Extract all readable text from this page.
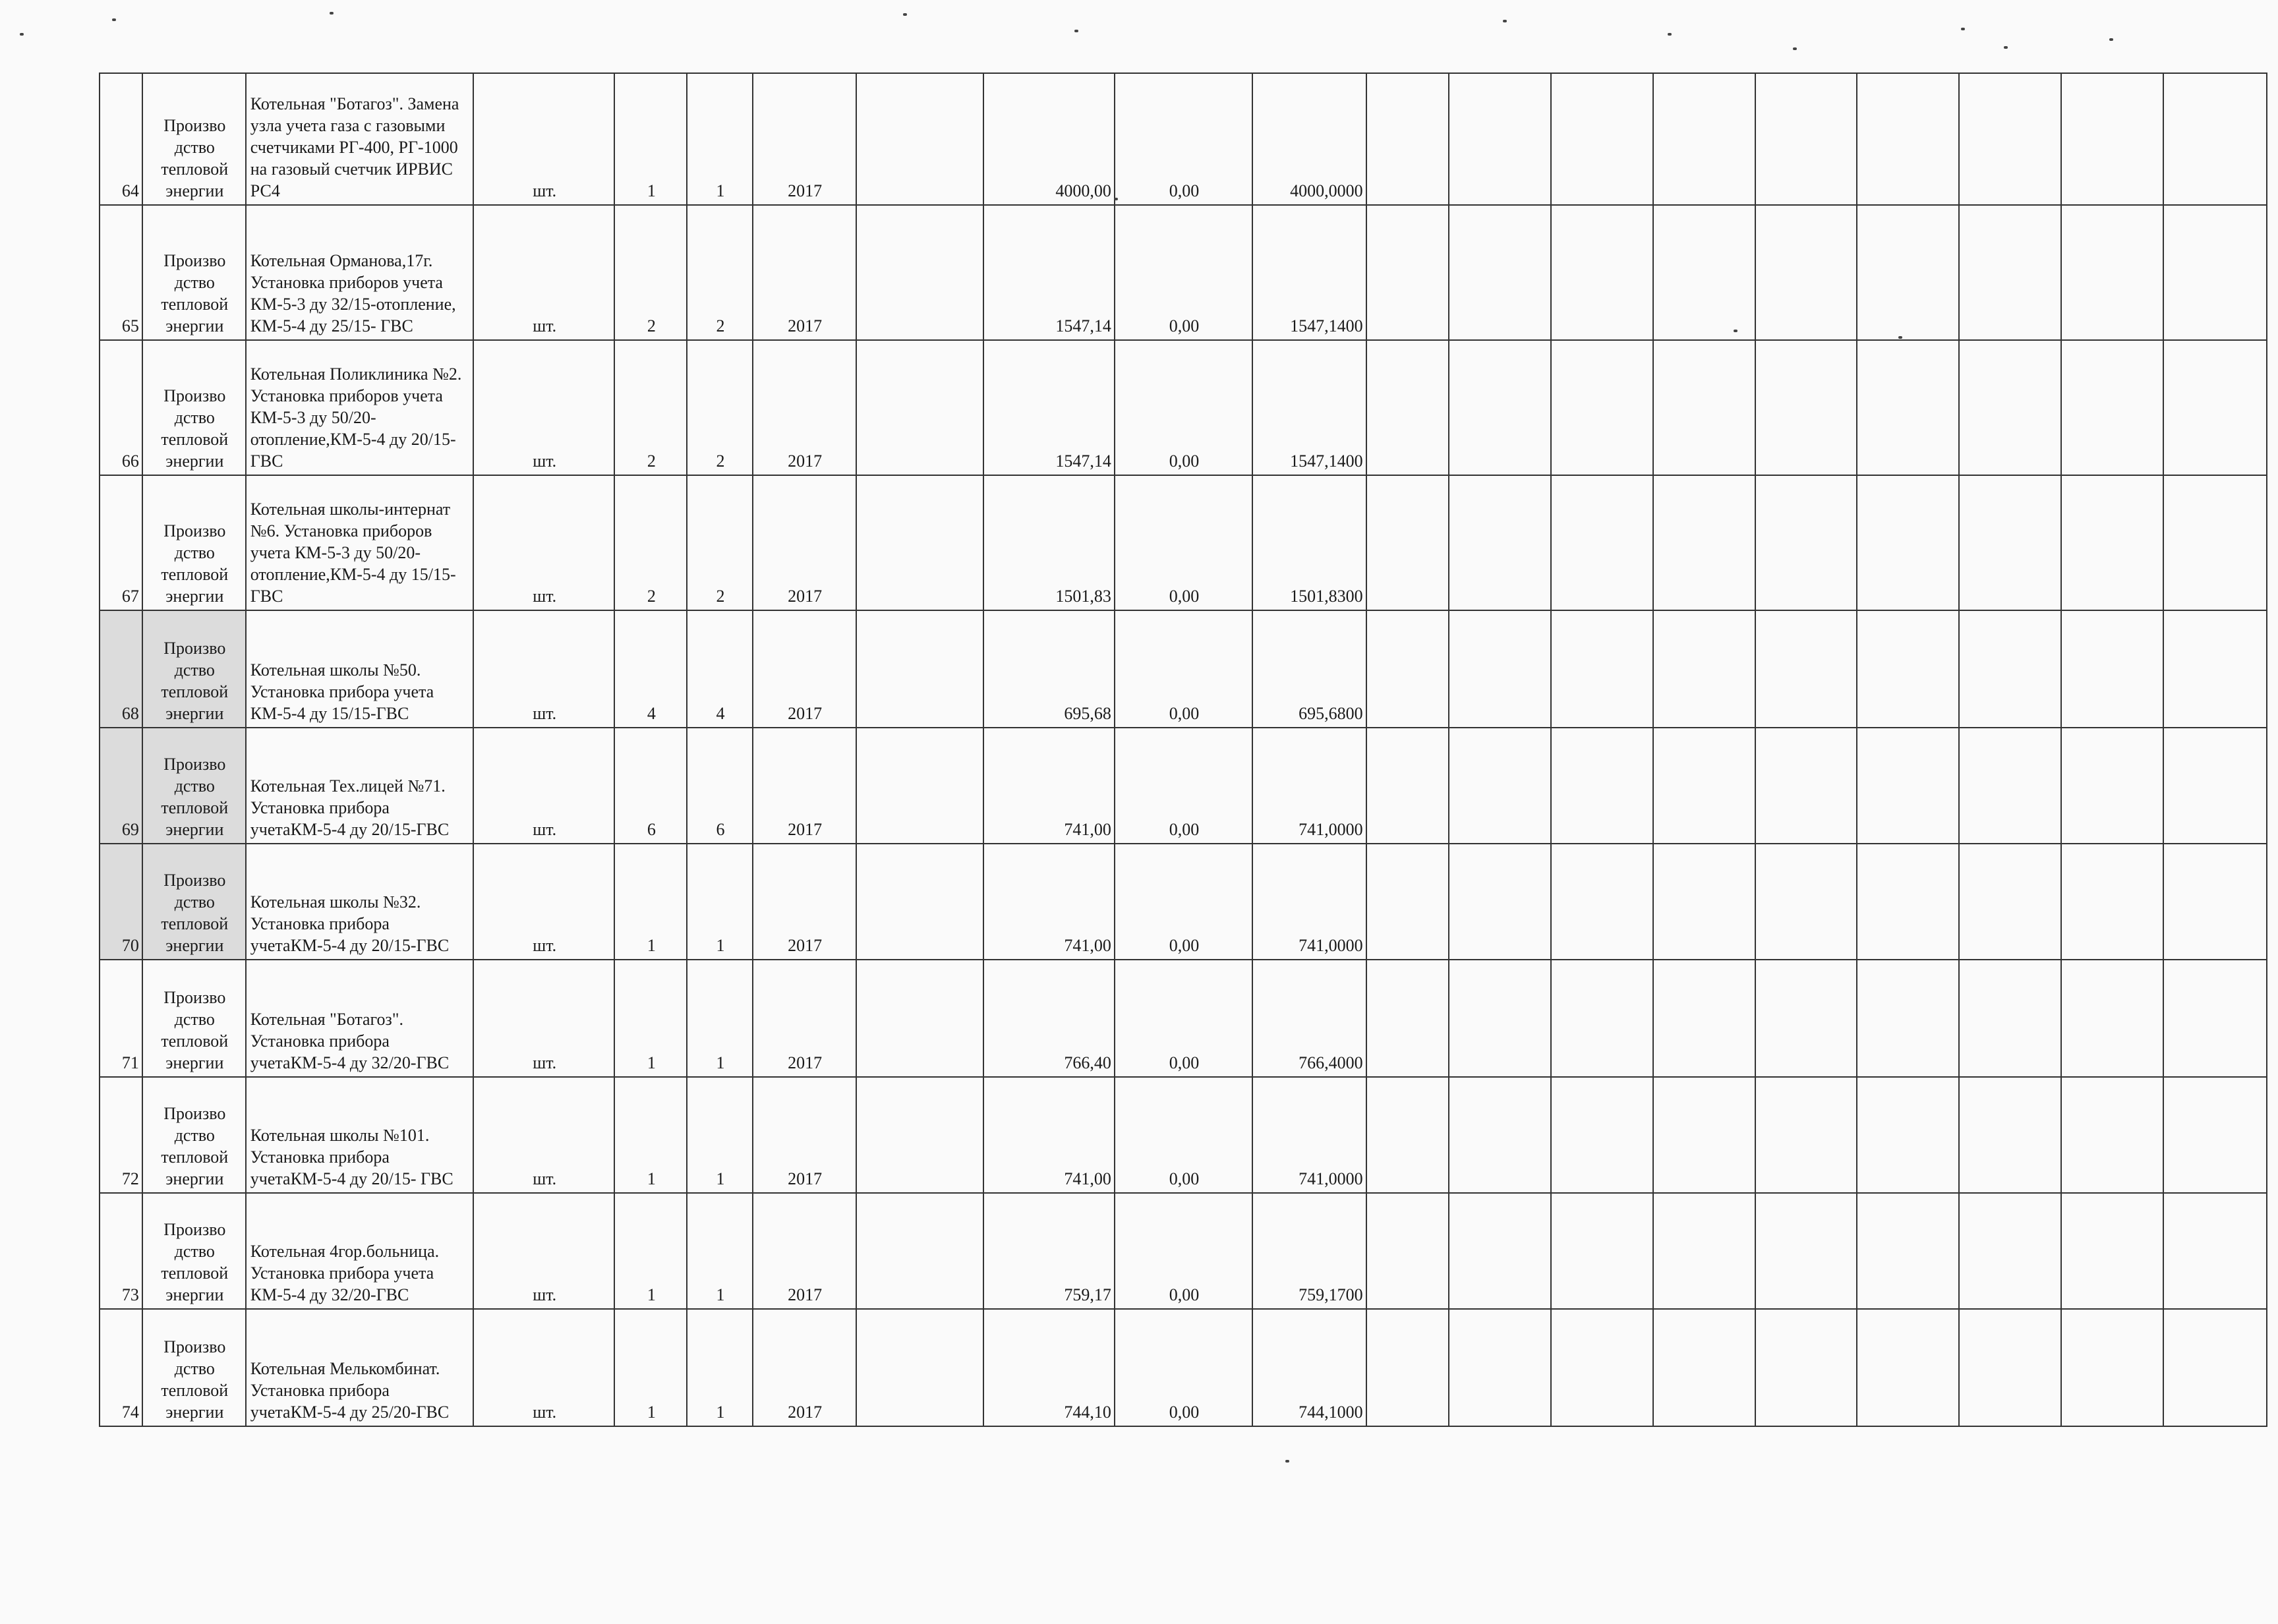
64	Произво дство тепловой энергии	Котельная "Ботагоз". Замена узла учета газа с газовыми счетчиками РГ-400, РГ-1000 на газовый счетчик ИРВИС РС4	шт.	1	1	2017		4000,00	0,00	4000,0000									
65	Произво дство тепловой энергии	Котельная Орманова,17г. Установка приборов учета КМ-5-3 ду 32/15-отопление, КМ-5-4 ду 25/15- ГВС	шт.	2	2	2017		1547,14	0,00	1547,1400									
66	Произво дство тепловой энергии	Котельная Поликлиника №2. Установка приборов учета КМ-5-3 ду 50/20-отопление,КМ-5-4 ду 20/15- ГВС	шт.	2	2	2017		1547,14	0,00	1547,1400									
67	Произво дство тепловой энергии	Котельная школы-интернат №6. Установка приборов учета КМ-5-3 ду 50/20-отопление,КМ-5-4 ду 15/15- ГВС	шт.	2	2	2017		1501,83	0,00	1501,8300									
68	Произво дство тепловой энергии	Котельная школы №50. Установка прибора учета КМ-5-4 ду 15/15-ГВС	шт.	4	4	2017		695,68	0,00	695,6800									
69	Произво дство тепловой энергии	Котельная Тех.лицей №71. Установка прибора учетаКМ-5-4 ду 20/15-ГВС	шт.	6	6	2017		741,00	0,00	741,0000									
70	Произво дство тепловой энергии	Котельная школы №32. Установка прибора учетаКМ-5-4 ду 20/15-ГВС	шт.	1	1	2017		741,00	0,00	741,0000									
71	Произво дство тепловой энергии	Котельная "Ботагоз". Установка прибора учетаКМ-5-4 ду 32/20-ГВС	шт.	1	1	2017		766,40	0,00	766,4000									
72	Произво дство тепловой энергии	Котельная школы №101. Установка прибора учетаКМ-5-4 ду 20/15- ГВС	шт.	1	1	2017		741,00	0,00	741,0000									
73	Произво дство тепловой энергии	Котельная 4гор.больница. Установка прибора учета КМ-5-4 ду 32/20-ГВС	шт.	1	1	2017		759,17	0,00	759,1700									
74	Произво дство тепловой энергии	Котельная Мелькомбинат. Установка прибора учетаКМ-5-4 ду 25/20-ГВС	шт.	1	1	2017		744,10	0,00	744,1000									
